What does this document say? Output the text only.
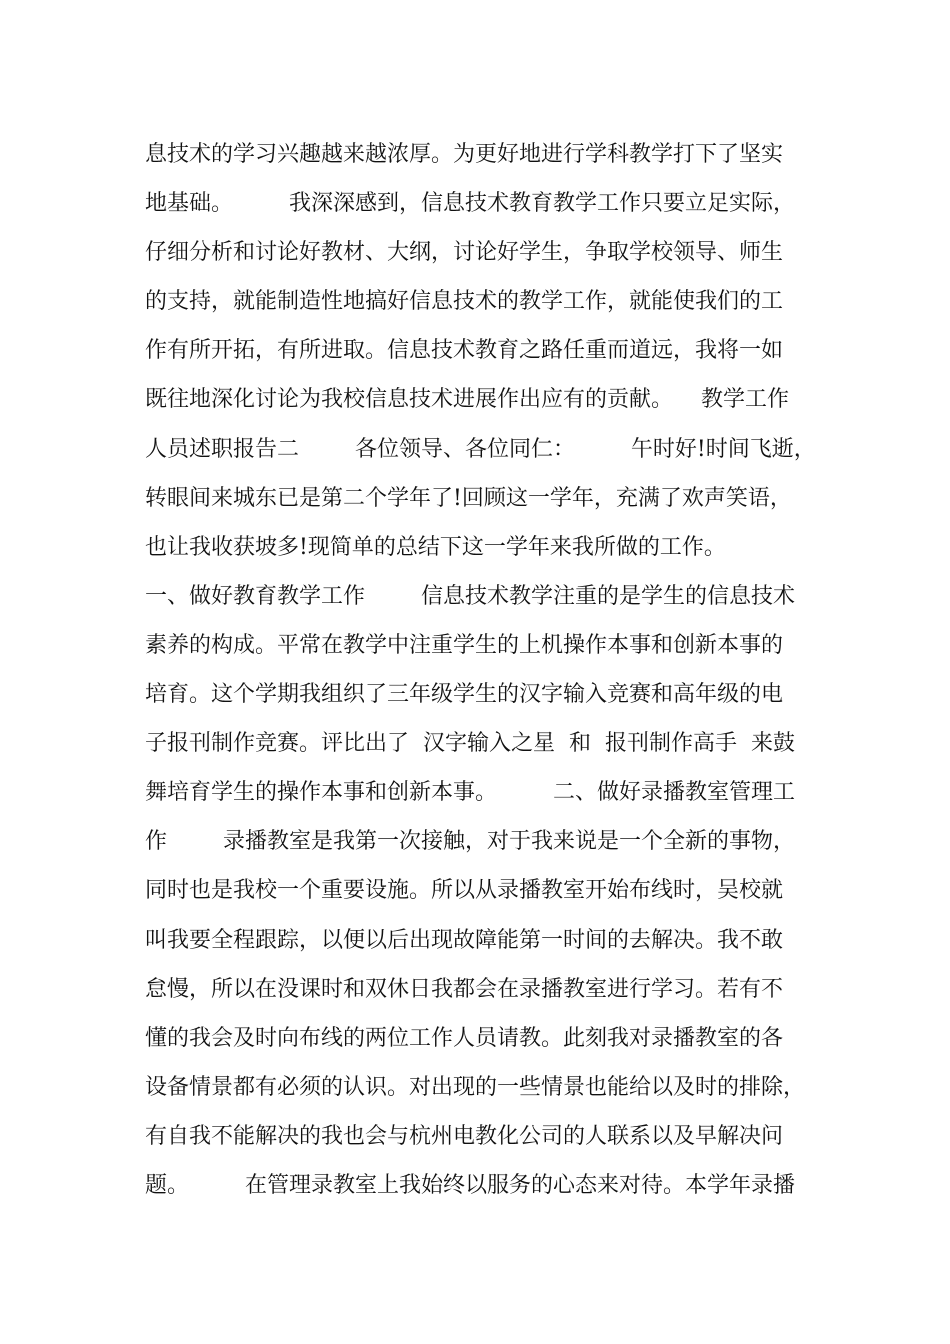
息技术的学习兴趣越来越浓厚。为更好地进行学科教学打下了坚实
地基础。        我深深感到，信息技术教育教学工作只要立足实际，
仔细分析和讨论好教材、大纲，讨论好学生，争取学校领导、师生
的支持，就能制造性地搞好信息技术的教学工作，就能使我们的工
作有所开拓，有所进取。信息技术教育之路任重而道远，我将一如
既往地深化讨论为我校信息技术进展作出应有的贡献。    教学工作
人员述职报告二        各位领导、各位同仁：        午时好!时间飞逝，
转眼间来城东已是第二个学年了!回顾这一学年，充满了欢声笑语，
也让我收获坡多!现简单的总结下这一学年来我所做的工作。
一、做好教育教学工作        信息技术教学注重的是学生的信息技术
素养的构成。平常在教学中注重学生的上机操作本事和创新本事的
培育。这个学期我组织了三年级学生的汉字输入竞赛和高年级的电
子报刊制作竞赛。评比出了  汉字输入之星  和  报刊制作高手  来鼓
舞培育学生的操作本事和创新本事。        二、做好录播教室管理工
作        录播教室是我第一次接触，对于我来说是一个全新的事物，
同时也是我校一个重要设施。所以从录播教室开始布线时，吴校就
叫我要全程跟踪，以便以后出现故障能第一时间的去解决。我不敢
怠慢，所以在没课时和双休日我都会在录播教室进行学习。若有不
懂的我会及时向布线的两位工作人员请教。此刻我对录播教室的各
设备情景都有必须的认识。对出现的一些情景也能给以及时的排除，
有自我不能解决的我也会与杭州电教化公司的人联系以及早解决问
题。        在管理录教室上我始终以服务的心态来对待。本学年录播
